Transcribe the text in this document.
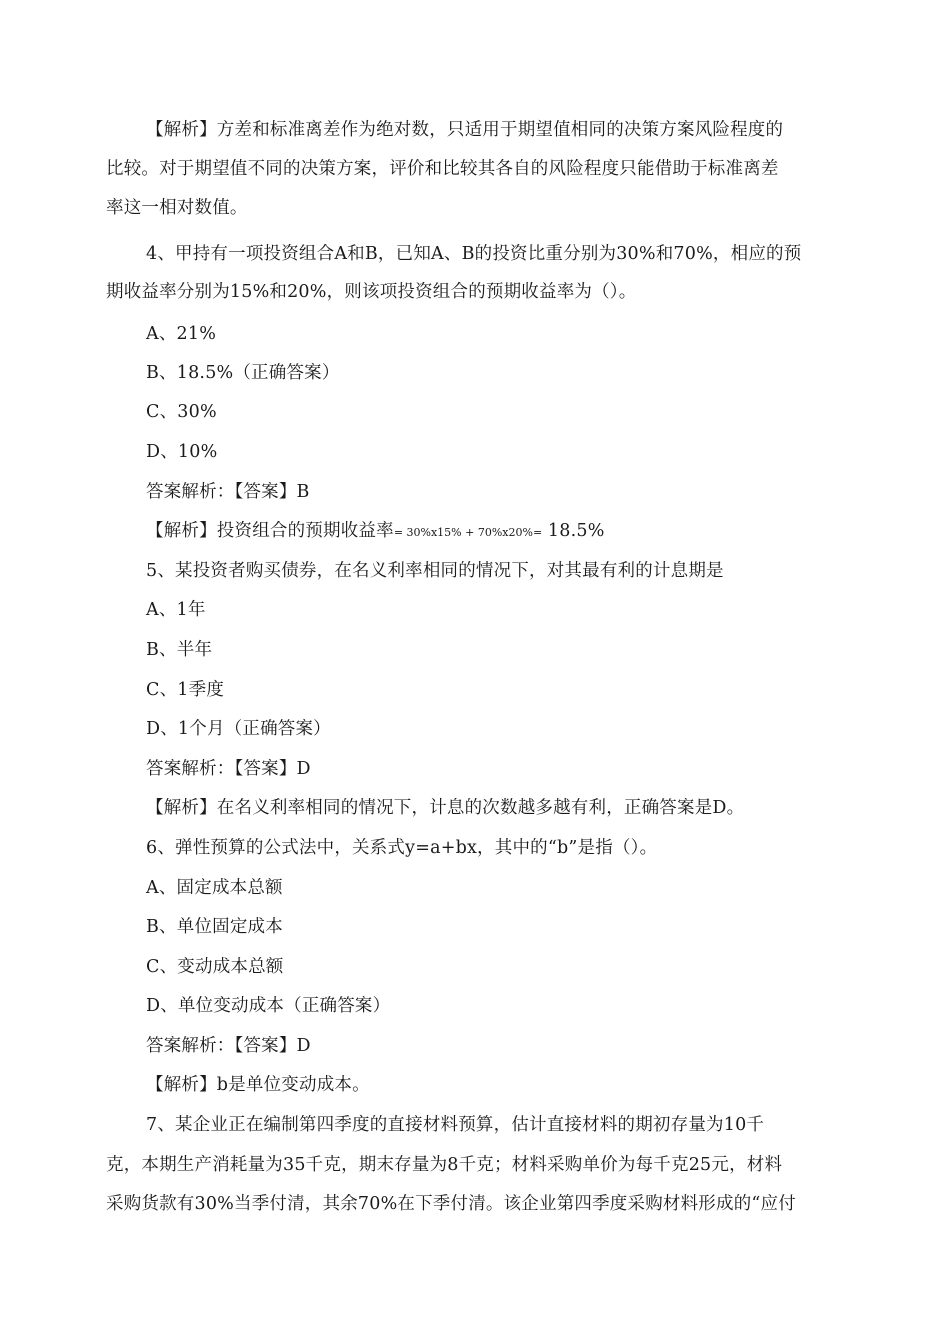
【解析】方差和标准离差作为绝对数，只适用于期望值相同的决策方案风险程度的
比较。对于期望值不同的决策方案，评价和比较其各自的风险程度只能借助于标准离差
率这一相对数值。
4、甲持有一项投资组合A和B，已知A、B的投资比重分别为30%和70%，相应的预
期收益率分别为15%和20%，则该项投资组合的预期收益率为（）。
A、21%
B、18.5%（正确答案）
C、30%
D、10%
答案解析：【答案】B
【解析】投资组合的预期收益率= 30%x15% + 70%x20%= 18.5%
5、某投资者购买债券，在名义利率相同的情况下，对其最有利的计息期是
A、1年
B、半年
C、1季度
D、1个月（正确答案）
答案解析：【答案】D
【解析】在名义利率相同的情况下，计息的次数越多越有利，正确答案是D。
6、弹性预算的公式法中，关系式y=a+bx，其中的“b”是指（）。
A、固定成本总额
B、单位固定成本
C、变动成本总额
D、单位变动成本（正确答案）
答案解析：【答案】D
【解析】b是单位变动成本。
7、某企业正在编制第四季度的直接材料预算，估计直接材料的期初存量为10千
克，本期生产消耗量为35千克，期末存量为8千克；材料采购单价为每千克25元，材料
采购货款有30%当季付清，其余70%在下季付清。该企业第四季度采购材料形成的“应付
